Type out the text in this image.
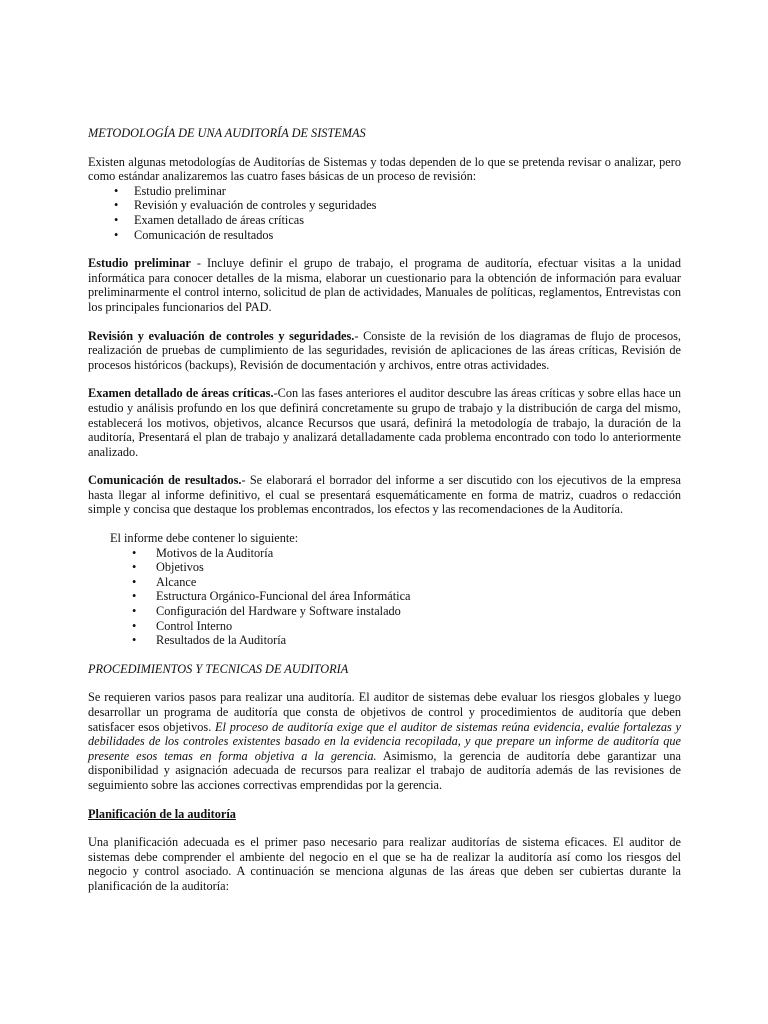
METODOLOGÍA DE UNA AUDITORÍA DE SISTEMAS

Existen algunas metodologías de Auditorías de Sistemas y todas dependen de lo que se pretenda revisar o analizar, pero como estándar analizaremos las cuatro fases básicas de un proceso de revisión:

• Estudio preliminar
• Revisión y evaluación de controles y seguridades
• Examen detallado de áreas críticas
• Comunicación de resultados

Estudio preliminar - Incluye definir el grupo de trabajo, el programa de auditoría, efectuar visitas a la unidad informática para conocer detalles de la misma, elaborar un cuestionario para la obtención de información para evaluar preliminarmente el control interno, solicitud de plan de actividades, Manuales de políticas, reglamentos, Entrevistas con los principales funcionarios del PAD.

Revisión y evaluación de controles y seguridades.- Consiste de la revisión de los diagramas de flujo de procesos, realización de pruebas de cumplimiento de las seguridades, revisión de aplicaciones de las áreas críticas, Revisión de procesos históricos (backups), Revisión de documentación y archivos, entre otras actividades.

Examen detallado de áreas críticas.-Con las fases anteriores el auditor descubre las áreas críticas y sobre ellas hace un estudio y análisis profundo en los que definirá concretamente su grupo de trabajo y la distribución de carga del mismo, establecerá los motivos, objetivos, alcance Recursos que usará, definirá la metodología de trabajo, la duración de la auditoría, Presentará el plan de trabajo y analizará detalladamente cada problema encontrado con todo lo anteriormente analizado.

Comunicación de resultados.- Se elaborará el borrador del informe a ser discutido con los ejecutivos de la empresa hasta llegar al informe definitivo, el cual se presentará esquemáticamente en forma de matriz, cuadros o redacción simple y concisa que destaque los problemas encontrados, los efectos y las recomendaciones de la Auditoría.

El informe debe contener lo siguiente:

• Motivos de la Auditoría
• Objetivos
• Alcance
• Estructura Orgánico-Funcional del área Informática
• Configuración del Hardware y Software instalado
• Control Interno
• Resultados de la Auditoría

PROCEDIMIENTOS Y TECNICAS DE AUDITORIA

Se requieren varios pasos para realizar una auditoría. El auditor de sistemas debe evaluar los riesgos globales y luego desarrollar un programa de auditoría que consta de objetivos de control y procedimientos de auditoría que deben satisfacer esos objetivos. El proceso de auditoría exige que el auditor de sistemas reúna evidencia, evalúe fortalezas y debilidades de los controles existentes basado en la evidencia recopilada, y que prepare un informe de auditoría que presente esos temas en forma objetiva a la gerencia. Asimismo, la gerencia de auditoría debe garantizar una disponibilidad y asignación adecuada de recursos para realizar el trabajo de auditoría además de las revisiones de seguimiento sobre las acciones correctivas emprendidas por la gerencia.

Planificación de la auditoría

Una planificación adecuada es el primer paso necesario para realizar auditorías de sistema eficaces. El auditor de sistemas debe comprender el ambiente del negocio en el que se ha de realizar la auditoría así como los riesgos del negocio y control asociado. A continuación se menciona algunas de las áreas que deben ser cubiertas durante la planificación de la auditoría:
